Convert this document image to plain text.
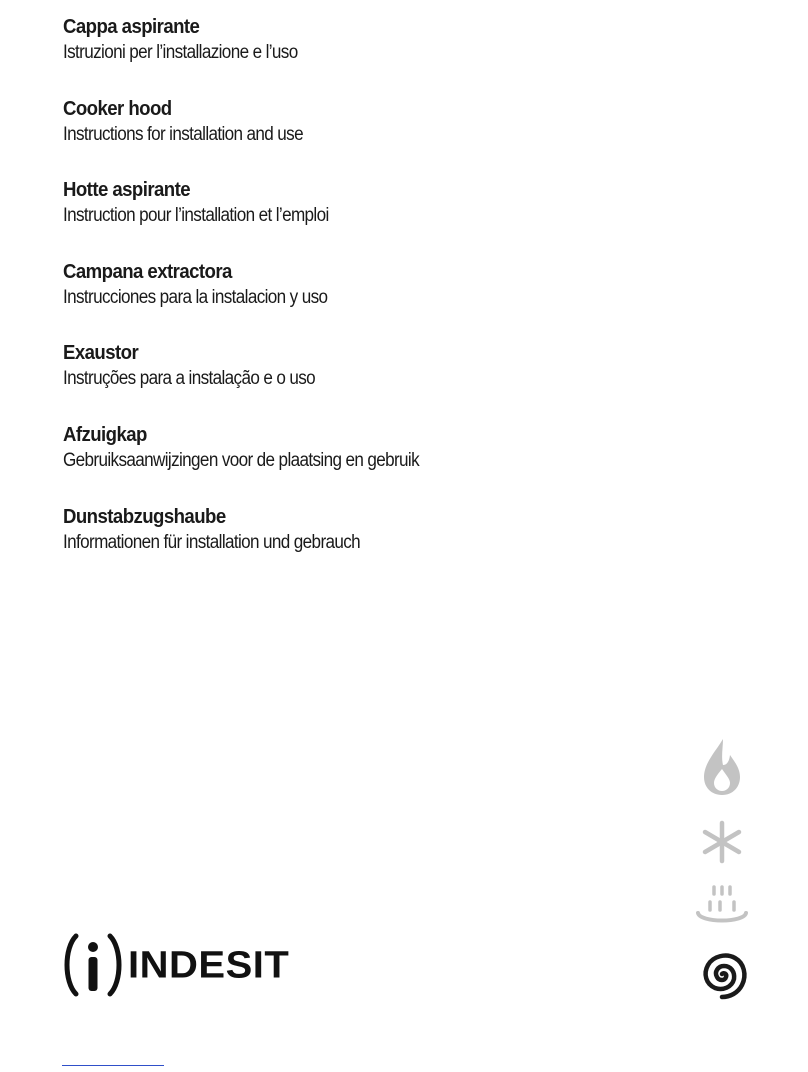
Cappa aspirante
Istruzioni per l’installazione e l’uso
Cooker hood
Instructions for installation and use
Hotte aspirante
Instruction pour l’installation et l’emploi
Campana extractora
Instrucciones para la instalacion y uso
Exaustor
Instruções para a instalação e o uso
Afzuigkap
Gebruiksaanwijzingen voor de plaatsing en gebruik
Dunstabzugshaube
Informationen für installation und gebrauch
INDESIT
